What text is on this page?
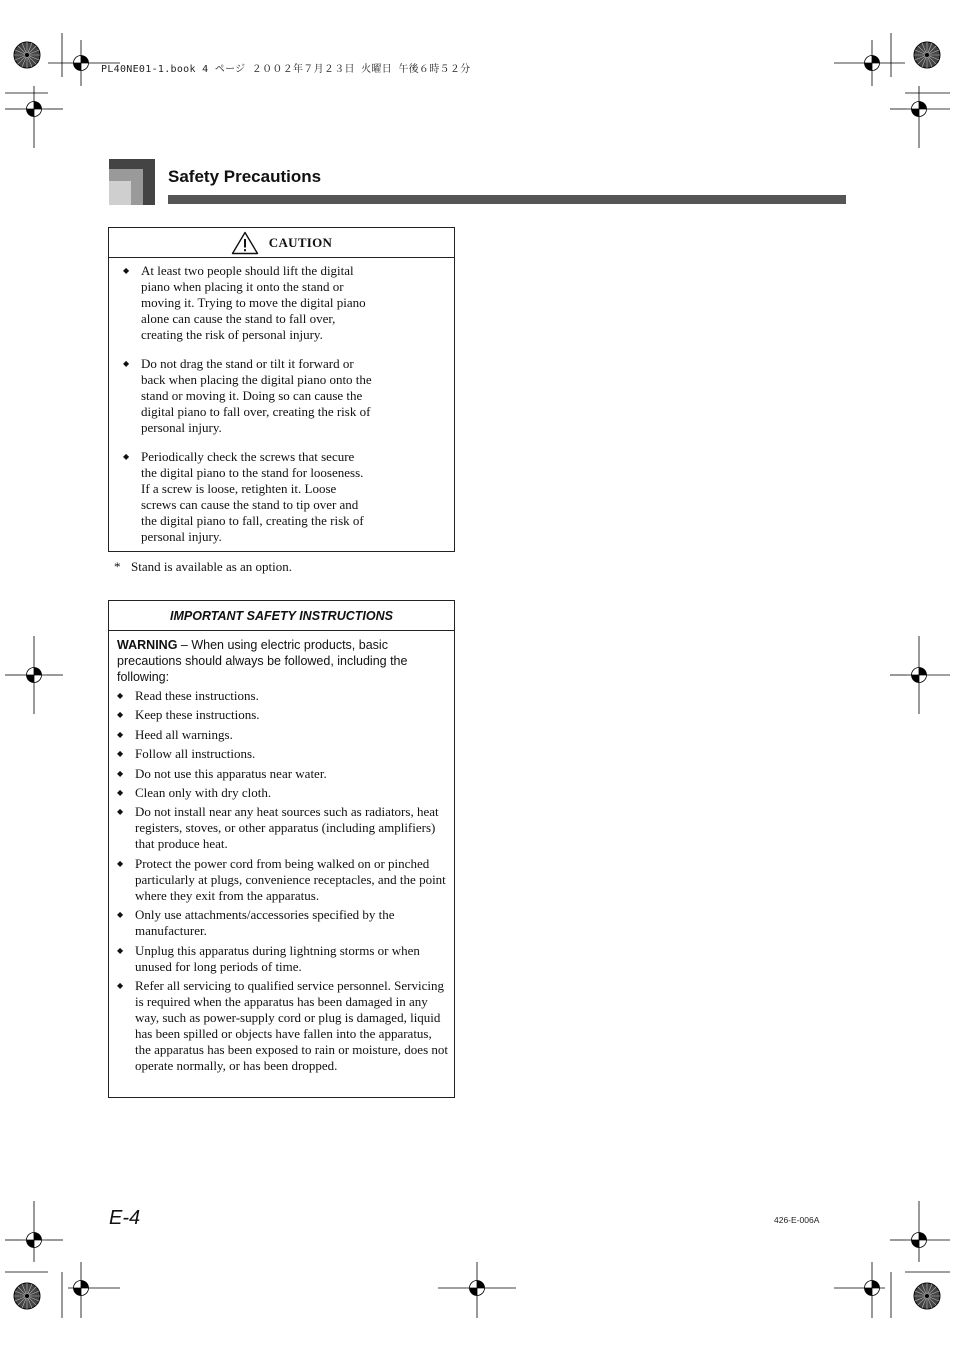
PL40NE01-1.book 4 ページ ２００２年７月２３日 火曜日 午後６時５２分
Safety Precautions
CAUTION
◆ At least two people should lift the digital piano when placing it onto the stand or moving it. Trying to move the digital piano alone can cause the stand to fall over, creating the risk of personal injury.
◆ Do not drag the stand or tilt it forward or back when placing the digital piano onto the stand or moving it. Doing so can cause the digital piano to fall over, creating the risk of personal injury.
◆ Periodically check the screws that secure the digital piano to the stand for looseness. If a screw is loose, retighten it. Loose screws can cause the stand to tip over and the digital piano to fall, creating the risk of personal injury.
* Stand is available as an option.
IMPORTANT SAFETY INSTRUCTIONS

WARNING – When using electric products, basic precautions should always be followed, including the following:

◆ Read these instructions.
◆ Keep these instructions.
◆ Heed all warnings.
◆ Follow all instructions.
◆ Do not use this apparatus near water.
◆ Clean only with dry cloth.
◆ Do not install near any heat sources such as radiators, heat registers, stoves, or other apparatus (including amplifiers) that produce heat.
◆ Protect the power cord from being walked on or pinched particularly at plugs, convenience receptacles, and the point where they exit from the apparatus.
◆ Only use attachments/accessories specified by the manufacturer.
◆ Unplug this apparatus during lightning storms or when unused for long periods of time.
◆ Refer all servicing to qualified service personnel. Servicing is required when the apparatus has been damaged in any way, such as power-supply cord or plug is damaged, liquid has been spilled or objects have fallen into the apparatus, the apparatus has been exposed to rain or moisture, does not operate normally, or has been dropped.
E-4	426-E-006A
